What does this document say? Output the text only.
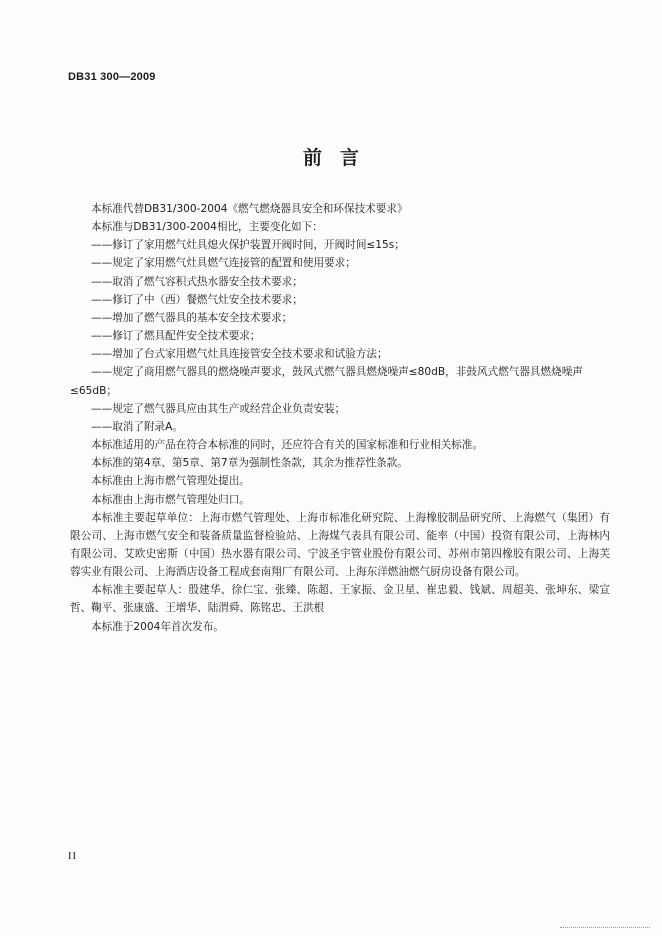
DB31 300—2009
前言

本标准代替DB31/300-2004《燃气燃烧器具安全和环保技术要求》

本标准与DB31/300-2004相比，主要变化如下：

——修订了家用燃气灶具熄火保护装置开阀时间，开阀时间≤15s；

——规定了家用燃气灶具燃气连接管的配置和使用要求；

——取消了燃气容积式热水器安全技术要求；

——修订了中（西）餐燃气灶安全技术要求；

——增加了燃气器具的基本安全技术要求；

——修订了燃具配件安全技术要求；

——增加了台式家用燃气灶具连接管安全技术要求和试验方法；

——规定了商用燃气器具的燃烧噪声要求，鼓风式燃气器具燃烧噪声≤80dB，非鼓风式燃气器具燃烧噪声≤65dB；

——规定了燃气器具应由其生产或经营企业负责安装；

——取消了附录A。

本标准适用的产品在符合本标准的同时，还应符合有关的国家标准和行业相关标准。

本标准的第4章、第5章、第7章为强制性条款，其余为推荐性条款。

本标准由上海市燃气管理处提出。

本标准由上海市燃气管理处归口。

本标准主要起草单位：上海市燃气管理处、上海市标准化研究院、上海橡胶制品研究所、上海燃气（集团）有限公司、上海市燃气安全和装备质量监督检验站、上海煤气表具有限公司、能率（中国）投资有限公司、上海林内有限公司、艾欧史密斯（中国）热水器有限公司、宁波圣宇管业股份有限公司、苏州市第四橡胶有限公司、上海芙蓉实业有限公司、上海酒店设备工程成套南翔厂有限公司、上海东洋燃油燃气厨房设备有限公司。

本标准主要起草人：殷建华、徐仁宝、张臻、陈超、王家振、金卫星、崔忠毅、钱斌、周超美、张坤东、梁宣哲、鞠平、张康盛、王增华、陆渭舜、陈铭忠、王洪根

本标准于2004年首次发布。

II
